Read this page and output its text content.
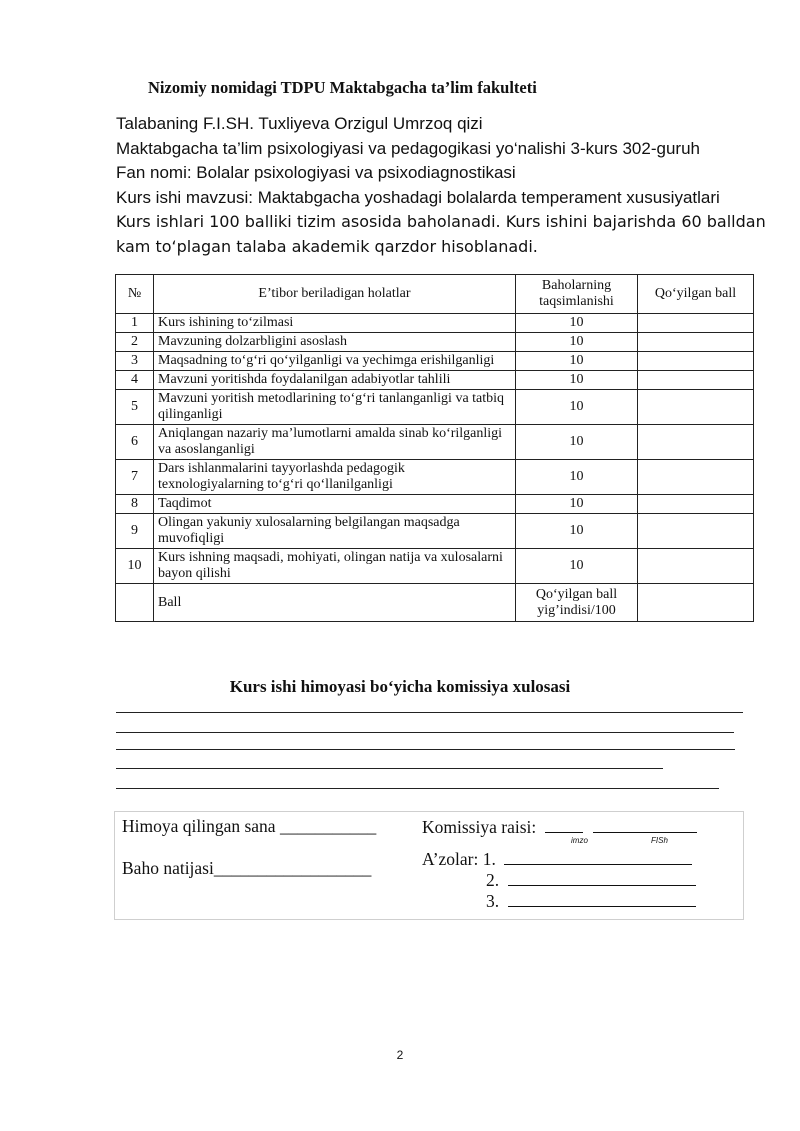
Nizomiy nomidagi TDPU Maktabgacha ta’lim fakulteti
Talabaning F.I.SH. Tuxliyeva Orzigul Umrzoq qizi
Maktabgacha ta’lim psixologiyasi va pedagogikasi yo‘nalishi 3-kurs 302-guruh
Fan nomi: Bolalar psixologiyasi va psixodiagnostikasi
Kurs ishi mavzusi: Maktabgacha yoshadagi bolalarda temperament xususiyatlari
Kurs ishlari 100 balliki tizim asosida baholanadi. Kurs ishini bajarishda 60 balldan
kam to‘plagan talaba akademik qarzdor hisoblanadi.
№	E’tibor beriladigan holatlar	Baholarning taqsimlanishi	Qo‘yilgan ball
1	Kurs ishining to‘zilmasi	10	
2	Mavzuning dolzarbligini asoslash	10	
3	Maqsadning to‘g‘ri qo‘yilganligi va yechimga erishilganligi	10	
4	Mavzuni yoritishda foydalanilgan adabiyotlar tahlili	10	
5	Mavzuni yoritish metodlarining to‘g‘ri tanlanganligi va tatbiq qilinganligi	10	
6	Aniqlangan nazariy ma’lumotlarni amalda sinab ko‘rilganligi va asoslanganligi	10	
7	Dars ishlanmalarini tayyorlashda pedagogik texnologiyalarning to‘g‘ri qo‘llanilganligi	10	
8	Taqdimot	10	
9	Olingan yakuniy xulosalarning belgilangan maqsadga muvofiqligi	10	
10	Kurs ishning maqsadi, mohiyati, olingan natija va xulosalarni bayon qilishi	10	
	Ball	Qo‘yilgan ball yig’indisi/100	
Kurs ishi himoyasi bo‘yicha komissiya xulosasi
Himoya qilingan sana ___________
Baho natijasi__________________
Komissiya raisi:
imzo	FISh
A’zolar: 1.
2.
3.
2
